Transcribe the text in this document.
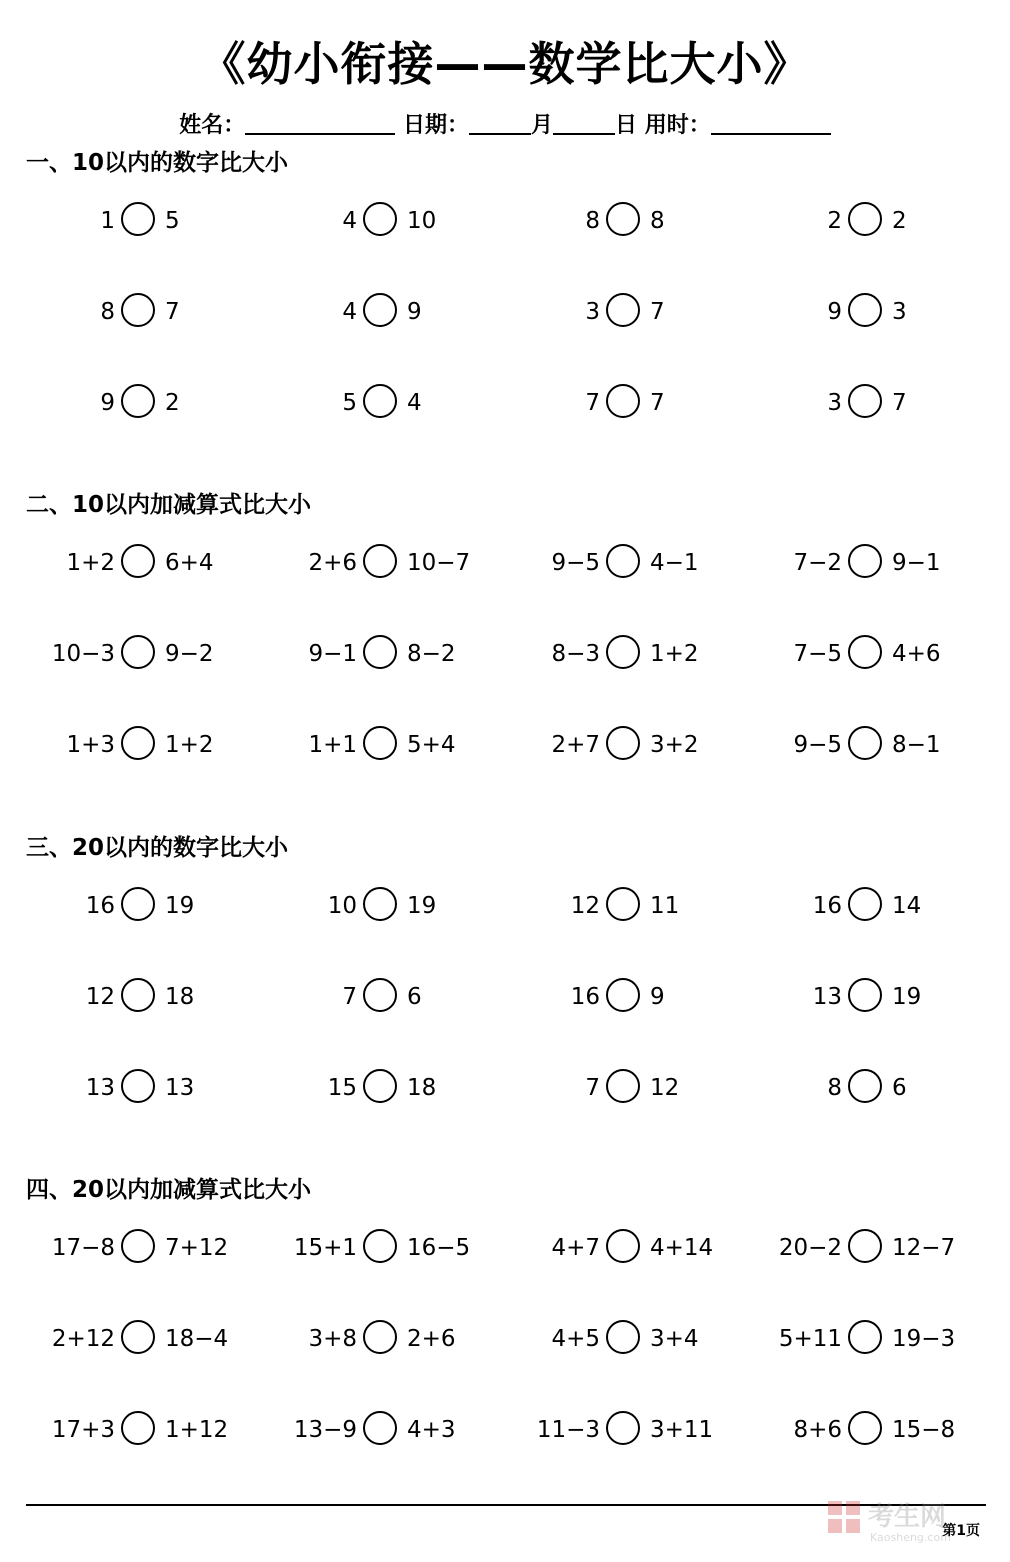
《幼小衔接——数学比大小》
姓名：	日期：	月	日 用时：
一、10以内的数字比大小
1 5	4 10	8 8	2 2
8 7	4 9	3 7	9 3
9 2	5 4	7 7	3 7
二、10以内加减算式比大小
1+2 6+4	2+6 10−7	9−5 4−1	7−2 9−1
10−3 9−2	9−1 8−2	8−3 1+2	7−5 4+6
1+3 1+2	1+1 5+4	2+7 3+2	9−5 8−1
三、20以内的数字比大小
16 19	10 19	12 11	16 14
12 18	7 6	16 9	13 19
13 13	15 18	7 12	8 6
四、20以内加减算式比大小
17−8 7+12	15+1 16−5	4+7 4+14	20−2 12−7
2+12 18−4	3+8 2+6	4+5 3+4	5+11 19−3
17+3 1+12	13−9 4+3	11−3 3+11	8+6 15−8
考生网
Kaosheng.com
第1页
